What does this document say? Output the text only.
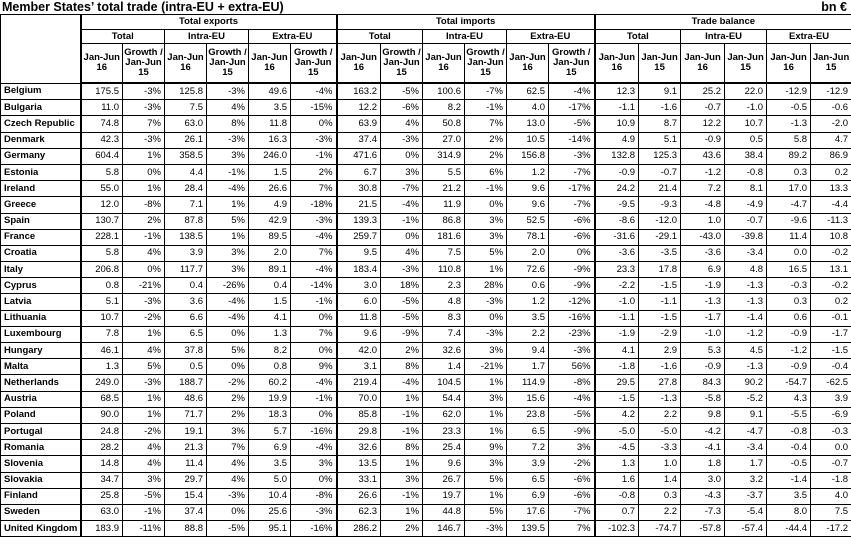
Member States’ total trade (intra-EU + extra-EU)	bn €
	Total exports						Total imports						Trade balance					
	Total		Intra-EU		Extra-EU		Total		Intra-EU		Extra-EU		Total		Intra-EU		Extra-EU	
	Jan-Jun 16	Growth / Jan-Jun 15	Jan-Jun 16	Growth / Jan-Jun 15	Jan-Jun 16	Growth / Jan-Jun 15	Jan-Jun 16	Growth / Jan-Jun 15	Jan-Jun 16	Growth / Jan-Jun 15	Jan-Jun 16	Growth / Jan-Jun 15	Jan-Jun 16	Jan-Jun 15	Jan-Jun 16	Jan-Jun 15	Jan-Jun 16	Jan-Jun 15
Belgium	175.5	-3%	125.8	-3%	49.6	-4%	163.2	-5%	100.6	-7%	62.5	-4%	12.3	9.1	25.2	22.0	-12.9	-12.9
Bulgaria	11.0	-3%	7.5	4%	3.5	-15%	12.2	-6%	8.2	-1%	4.0	-17%	-1.1	-1.6	-0.7	-1.0	-0.5	-0.6
Czech Republic	74.8	7%	63.0	8%	11.8	0%	63.9	4%	50.8	7%	13.0	-5%	10.9	8.7	12.2	10.7	-1.3	-2.0
Denmark	42.3	-3%	26.1	-3%	16.3	-3%	37.4	-3%	27.0	2%	10.5	-14%	4.9	5.1	-0.9	0.5	5.8	4.7
Germany	604.4	1%	358.5	3%	246.0	-1%	471.6	0%	314.9	2%	156.8	-3%	132.8	125.3	43.6	38.4	89.2	86.9
Estonia	5.8	0%	4.4	-1%	1.5	2%	6.7	3%	5.5	6%	1.2	-7%	-0.9	-0.7	-1.2	-0.8	0.3	0.2
Ireland	55.0	1%	28.4	-4%	26.6	7%	30.8	-7%	21.2	-1%	9.6	-17%	24.2	21.4	7.2	8.1	17.0	13.3
Greece	12.0	-8%	7.1	1%	4.9	-18%	21.5	-4%	11.9	0%	9.6	-7%	-9.5	-9.3	-4.8	-4.9	-4.7	-4.4
Spain	130.7	2%	87.8	5%	42.9	-3%	139.3	-1%	86.8	3%	52.5	-6%	-8.6	-12.0	1.0	-0.7	-9.6	-11.3
France	228.1	-1%	138.5	1%	89.5	-4%	259.7	0%	181.6	3%	78.1	-6%	-31.6	-29.1	-43.0	-39.8	11.4	10.8
Croatia	5.8	4%	3.9	3%	2.0	7%	9.5	4%	7.5	5%	2.0	0%	-3.6	-3.5	-3.6	-3.4	0.0	-0.2
Italy	206.8	0%	117.7	3%	89.1	-4%	183.4	-3%	110.8	1%	72.6	-9%	23.3	17.8	6.9	4.8	16.5	13.1
Cyprus	0.8	-21%	0.4	-26%	0.4	-14%	3.0	18%	2.3	28%	0.6	-9%	-2.2	-1.5	-1.9	-1.3	-0.3	-0.2
Latvia	5.1	-3%	3.6	-4%	1.5	-1%	6.0	-5%	4.8	-3%	1.2	-12%	-1.0	-1.1	-1.3	-1.3	0.3	0.2
Lithuania	10.7	-2%	6.6	-4%	4.1	0%	11.8	-5%	8.3	0%	3.5	-16%	-1.1	-1.5	-1.7	-1.4	0.6	-0.1
Luxembourg	7.8	1%	6.5	0%	1.3	7%	9.6	-9%	7.4	-3%	2.2	-23%	-1.9	-2.9	-1.0	-1.2	-0.9	-1.7
Hungary	46.1	4%	37.8	5%	8.2	0%	42.0	2%	32.6	3%	9.4	-3%	4.1	2.9	5.3	4.5	-1.2	-1.5
Malta	1.3	5%	0.5	0%	0.8	9%	3.1	8%	1.4	-21%	1.7	56%	-1.8	-1.6	-0.9	-1.3	-0.9	-0.4
Netherlands	249.0	-3%	188.7	-2%	60.2	-4%	219.4	-4%	104.5	1%	114.9	-8%	29.5	27.8	84.3	90.2	-54.7	-62.5
Austria	68.5	1%	48.6	2%	19.9	-1%	70.0	1%	54.4	3%	15.6	-4%	-1.5	-1.3	-5.8	-5.2	4.3	3.9
Poland	90.0	1%	71.7	2%	18.3	0%	85.8	-1%	62.0	1%	23.8	-5%	4.2	2.2	9.8	9.1	-5.5	-6.9
Portugal	24.8	-2%	19.1	3%	5.7	-16%	29.8	-1%	23.3	1%	6.5	-9%	-5.0	-5.0	-4.2	-4.7	-0.8	-0.3
Romania	28.2	4%	21.3	7%	6.9	-4%	32.6	8%	25.4	9%	7.2	3%	-4.5	-3.3	-4.1	-3.4	-0.4	0.0
Slovenia	14.8	4%	11.4	4%	3.5	3%	13.5	1%	9.6	3%	3.9	-2%	1.3	1.0	1.8	1.7	-0.5	-0.7
Slovakia	34.7	3%	29.7	4%	5.0	0%	33.1	3%	26.7	5%	6.5	-6%	1.6	1.4	3.0	3.2	-1.4	-1.8
Finland	25.8	-5%	15.4	-3%	10.4	-8%	26.6	-1%	19.7	1%	6.9	-6%	-0.8	0.3	-4.3	-3.7	3.5	4.0
Sweden	63.0	-1%	37.4	0%	25.6	-3%	62.3	1%	44.8	5%	17.6	-7%	0.7	2.2	-7.3	-5.4	8.0	7.5
United Kingdom	183.9	-11%	88.8	-5%	95.1	-16%	286.2	2%	146.7	-3%	139.5	7%	-102.3	-74.7	-57.8	-57.4	-44.4	-17.2
